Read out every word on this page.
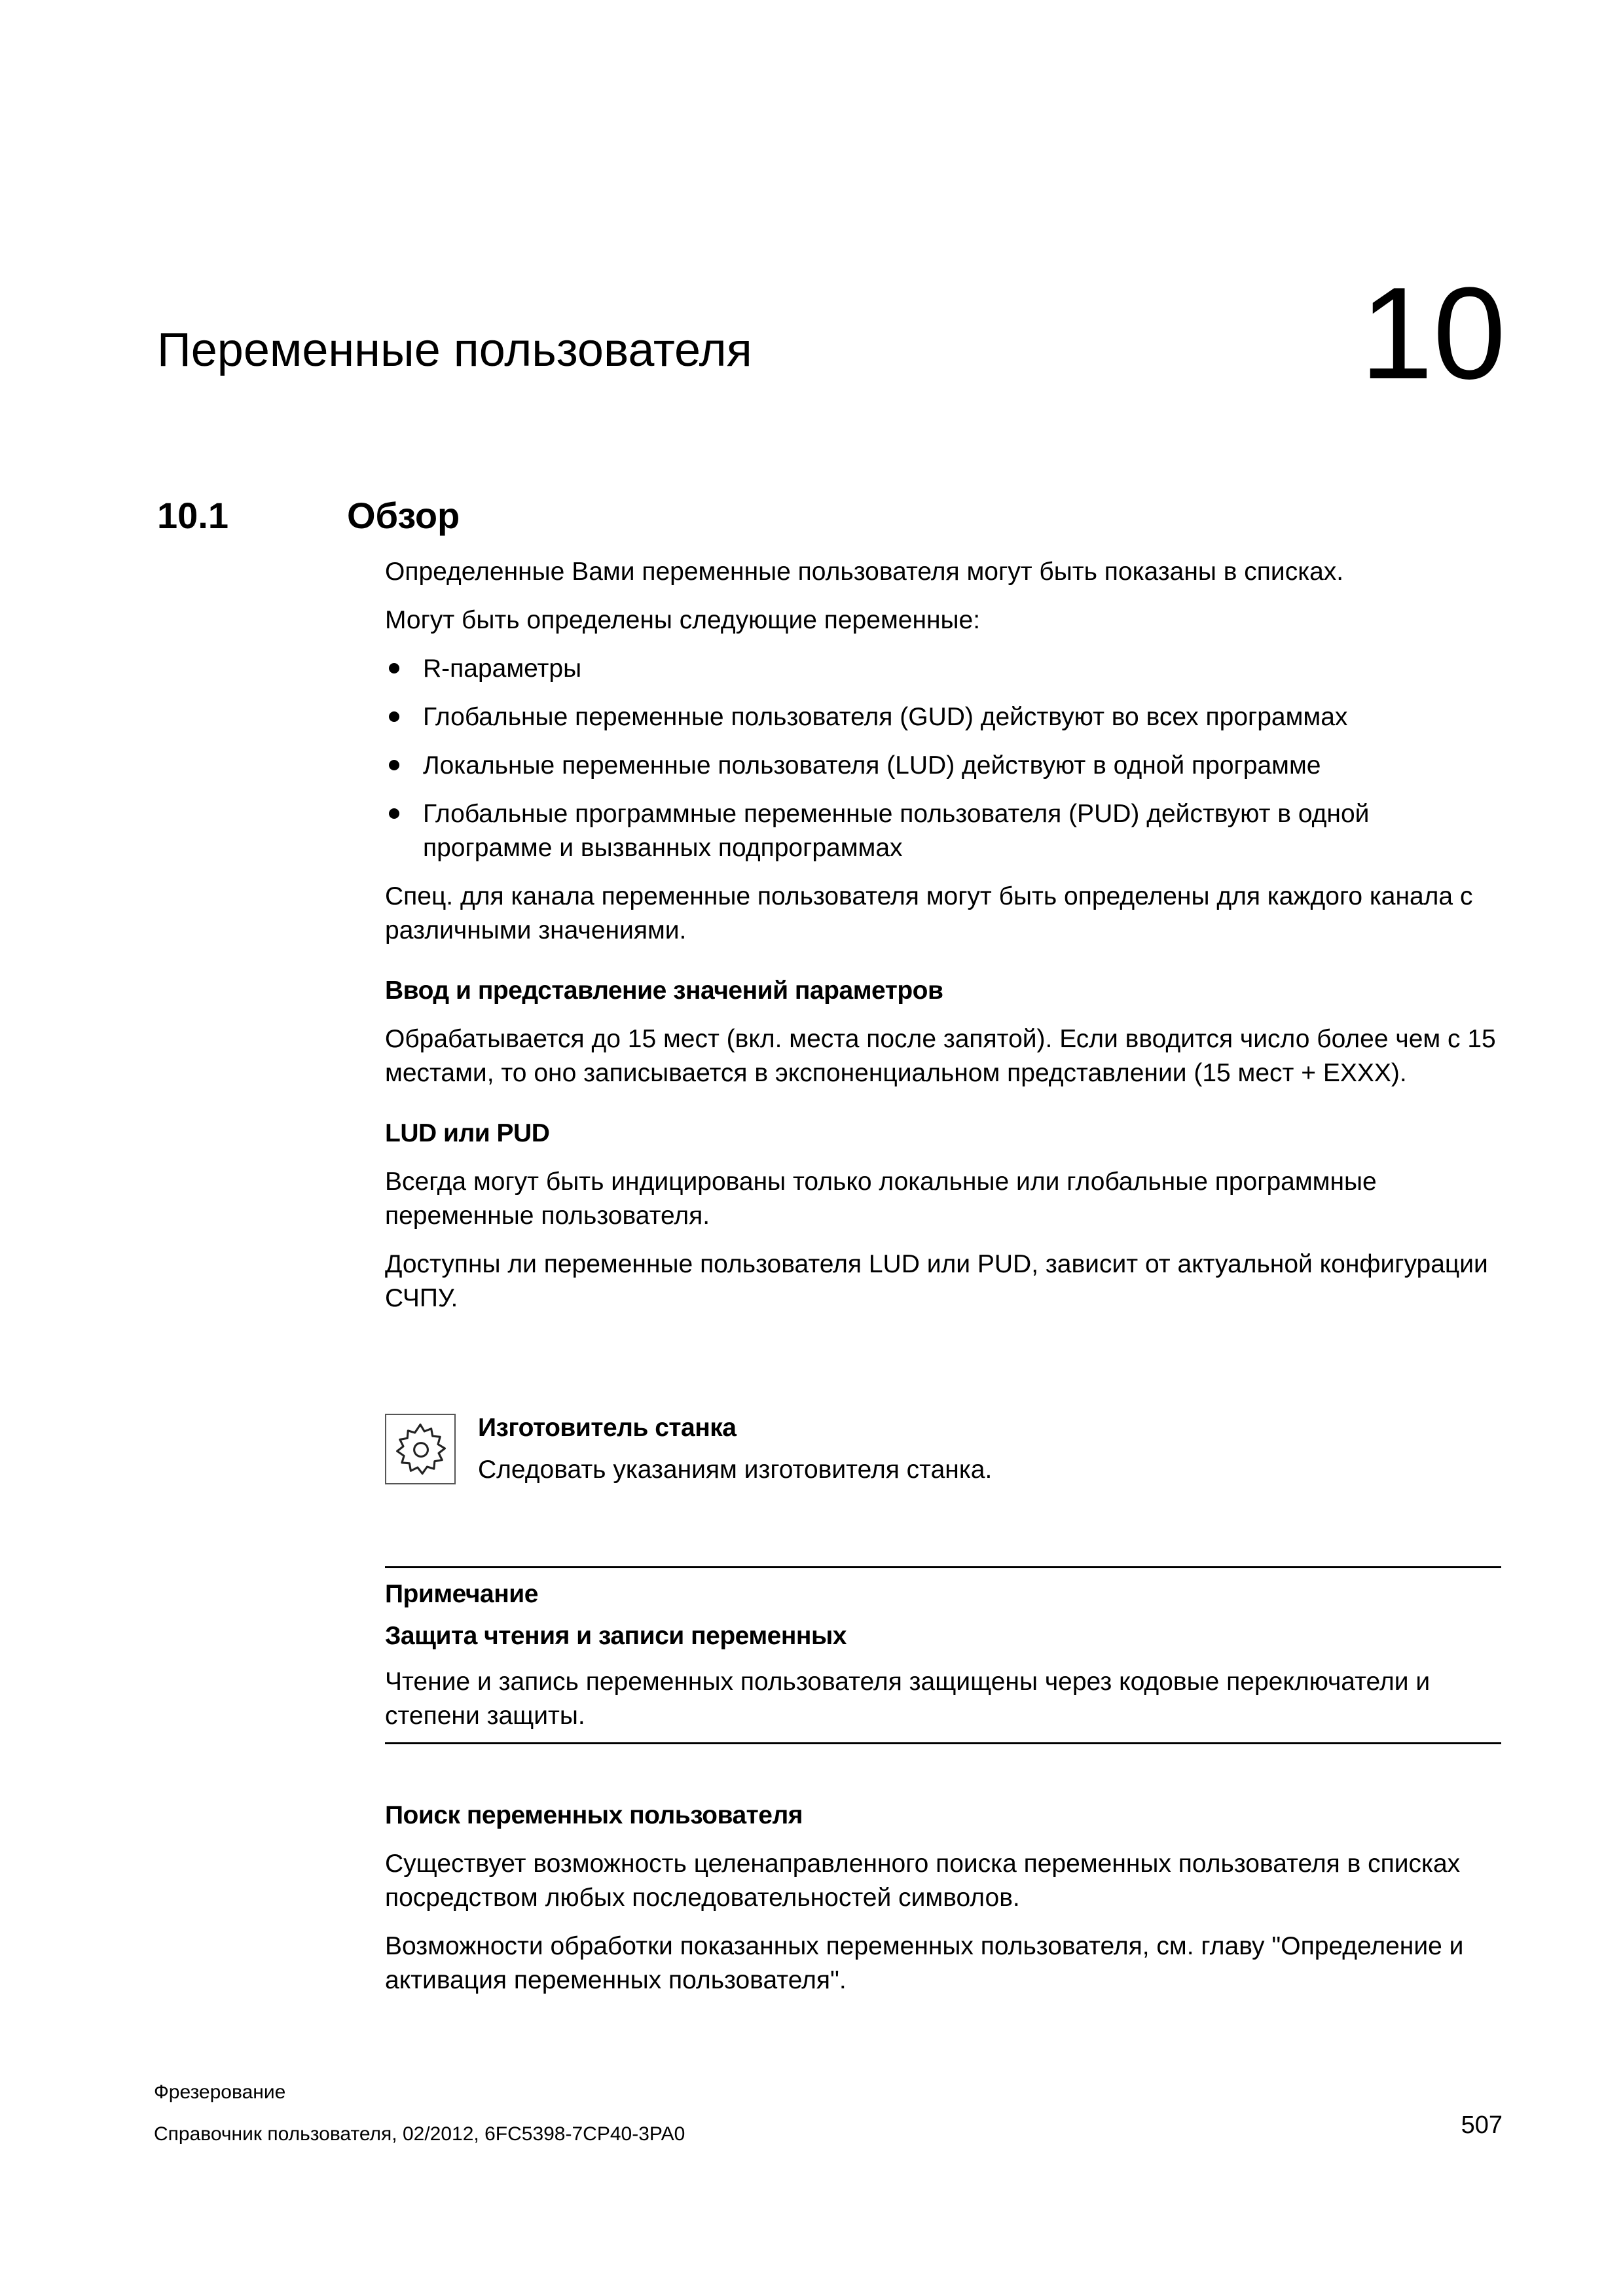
Переменные пользователя	10
10.1	Обзор

Определенные Вами переменные пользователя могут быть показаны в списках.

Могут быть определены следующие переменные:

R-параметры
Глобальные переменные пользователя (GUD) действуют во всех программах
Локальные переменные пользователя (LUD) действуют в одной программе
Глобальные программные переменные пользователя (PUD) действуют в одной программе и вызванных подпрограммах

Спец. для канала переменные пользователя могут быть определены для каждого канала с различными значениями.

Ввод и представление значений параметров

Обрабатывается до 15 мест (вкл. места после запятой). Если вводится число более чем с 15 местами, то оно записывается в экспоненциальном представлении (15 мест + EXXX).

LUD или PUD

Всегда могут быть индицированы только локальные или глобальные программные переменные пользователя.

Доступны ли переменные пользователя LUD или PUD, зависит от актуальной конфигурации СЧПУ.

Изготовитель станка
Следовать указаниям изготовителя станка.
Примечание
Защита чтения и записи переменных

Чтение и запись переменных пользователя защищены через кодовые переключатели и степени защиты.

Поиск переменных пользователя

Существует возможность целенаправленного поиска переменных пользователя в списках посредством любых последовательностей символов.

Возможности обработки показанных переменных пользователя, см. главу "Определение и активация переменных пользователя".

Фрезерование
Справочник пользователя, 02/2012, 6FC5398-7CP40-3PA0	507
